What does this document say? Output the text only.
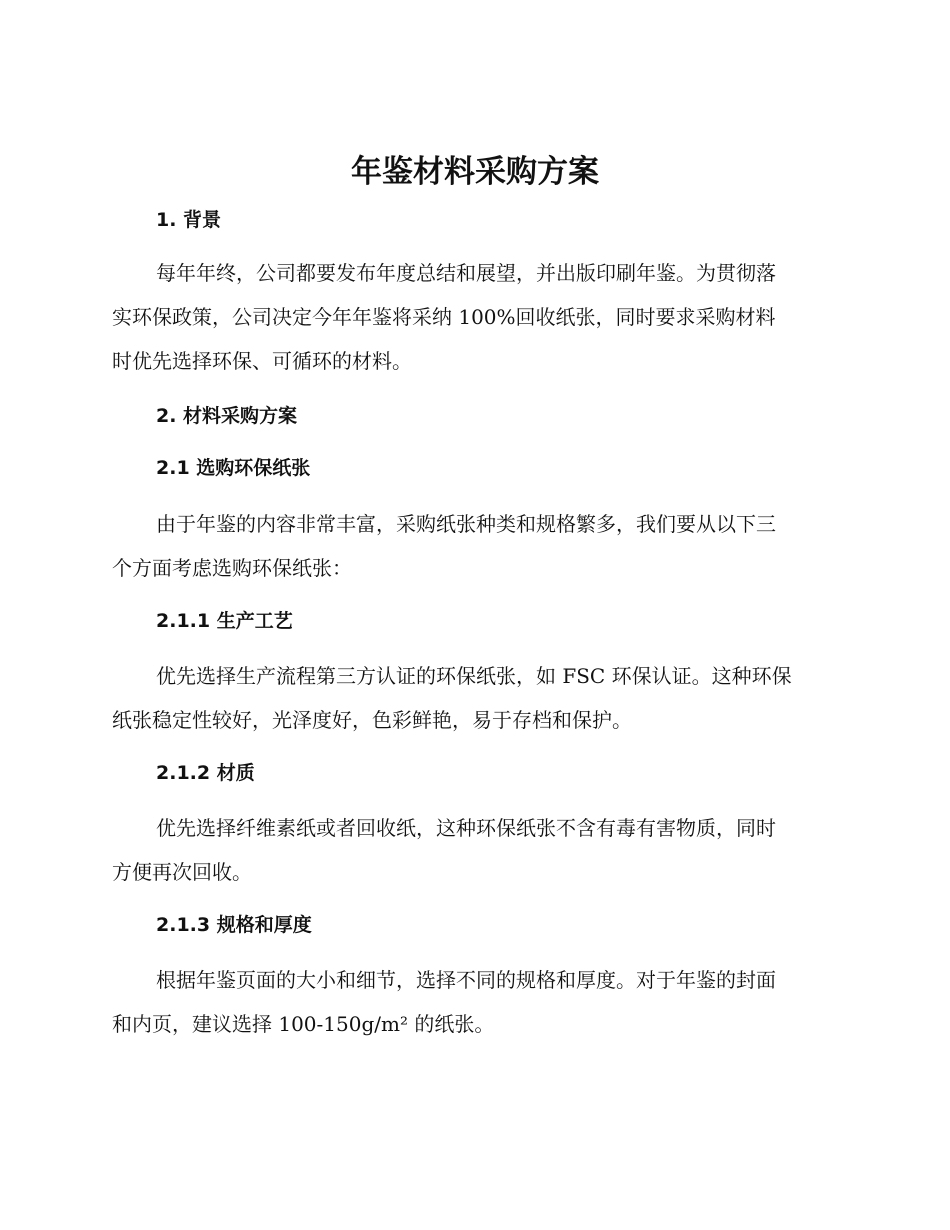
年鉴材料采购方案
1. 背景

每年年终，公司都要发布年度总结和展望，并出版印刷年鉴。为贯彻落
实环保政策，公司决定今年年鉴将采纳 100%回收纸张，同时要求采购材料
时优先选择环保、可循环的材料。

2. 材料采购方案
2.1 选购环保纸张

由于年鉴的内容非常丰富，采购纸张种类和规格繁多，我们要从以下三
个方面考虑选购环保纸张：

2.1.1 生产工艺

优先选择生产流程第三方认证的环保纸张，如 FSC 环保认证。这种环保
纸张稳定性较好，光泽度好，色彩鲜艳，易于存档和保护。

2.1.2 材质

优先选择纤维素纸或者回收纸，这种环保纸张不含有毒有害物质，同时
方便再次回收。

2.1.3 规格和厚度

根据年鉴页面的大小和细节，选择不同的规格和厚度。对于年鉴的封面
和内页，建议选择 100-150g/m² 的纸张。
